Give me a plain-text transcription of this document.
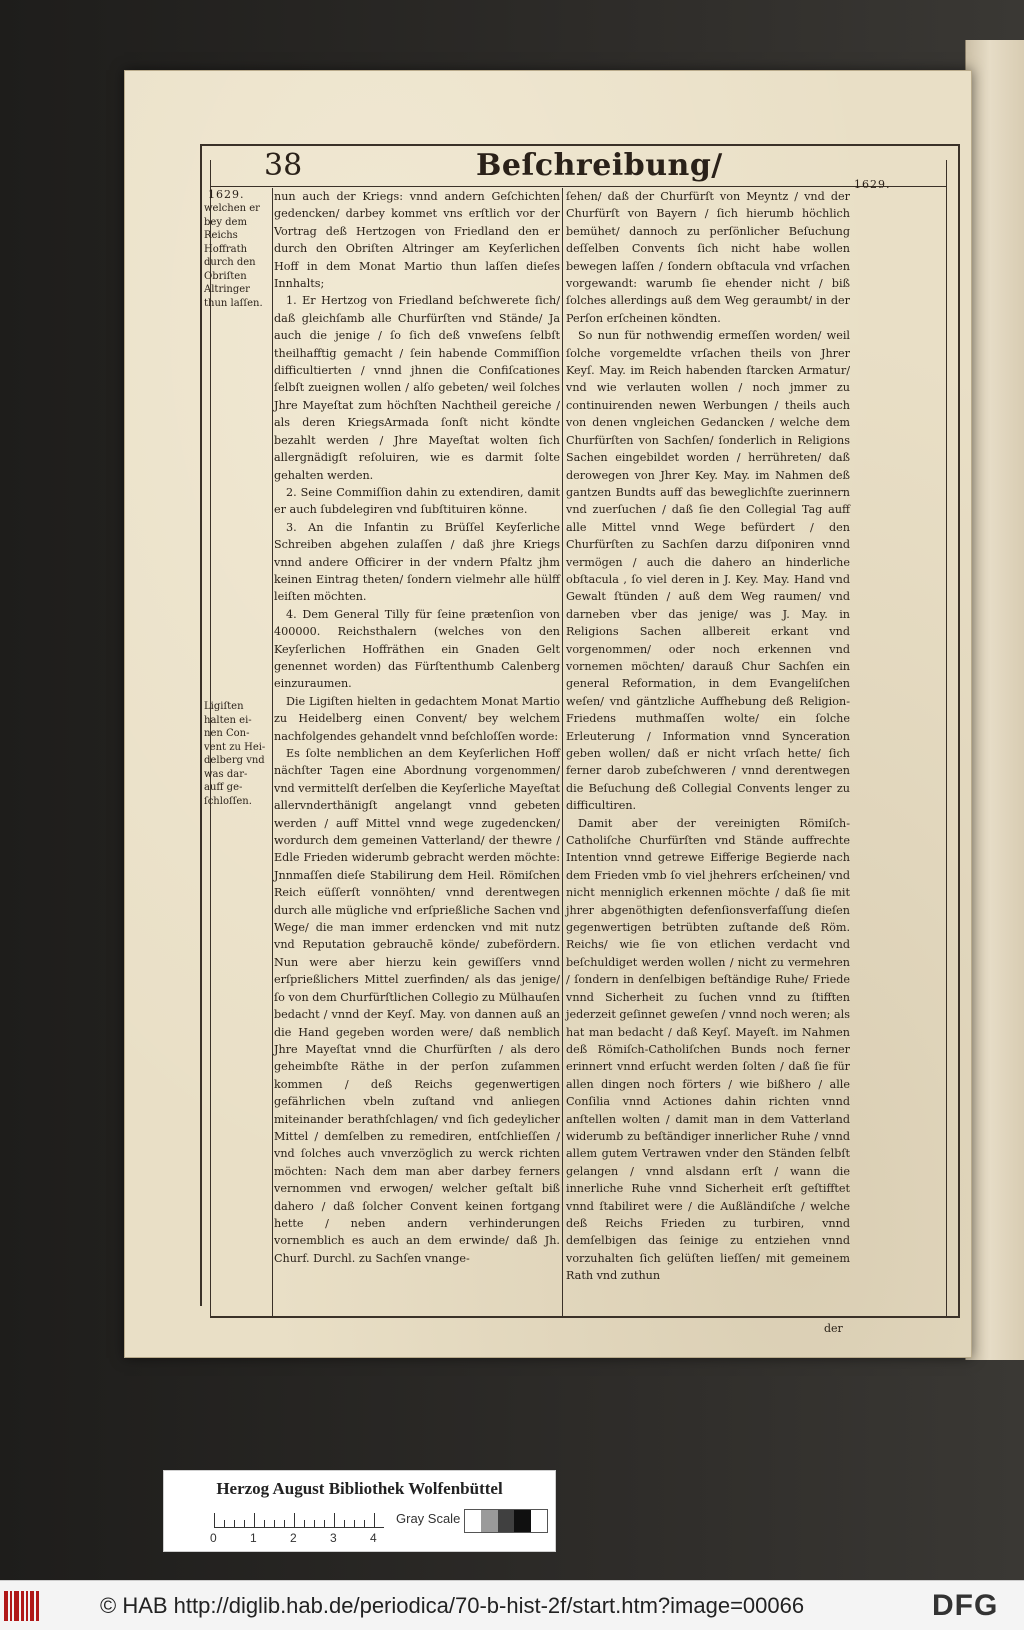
38	Beſchreibung/
1629.
1629.
welchen er
bey dem
Reichs
Hoffrath
durch den
Obriſten
Altringer
thun laſſen.
Ligiſten
halten ei-
nen Con-
vent zu Hei-
delberg vnd
was dar-
auff ge-
ſchloſſen.

nun auch der Kriegs: vnnd andern Geſchichten gedencken/ darbey kommet vns erſtlich vor der Vortrag deß Hertzogen von Friedland den er durch den Obriſten Altringer am Keyſerlichen Hoff in dem Monat Martio thun laſſen dieſes Innhalts;

1. Er Hertzog von Friedland beſchwerete ſich/ daß gleichſamb alle Churfürſten vnd Stände/ Ja auch die jenige / ſo ſich deß vnweſens ſelbſt theilhafftig gemacht / ſein habende Commiſſion difficultierten / vnnd jhnen die Confiſcationes ſelbſt zueignen wollen / alſo gebeten/ weil ſolches Jhre Mayeſtat zum höchſten Nachtheil gereiche / als deren KriegsArmada ſonſt nicht köndte bezahlt werden / Jhre Mayeſtat wolten ſich allergnädigſt reſoluiren, wie es darmit ſolte gehalten werden.

2. Seine Commiſſion dahin zu extendiren, damit er auch ſubdelegiren vnd ſubſtituiren könne.

3. An die Infantin zu Brüſſel Keyſerliche Schreiben abgehen zulaſſen / daß jhre Kriegs vnnd andere Officirer in der vndern Pfaltz jhm keinen Eintrag theten/ ſondern vielmehr alle hülff leiſten möchten.

4. Dem General Tilly für ſeine prætenſion von 400000. Reichsthalern (welches von den Keyſerlichen Hoffräthen ein Gnaden Gelt genennet worden) das Fürſtenthumb Calenberg einzuraumen.

Die Ligiſten hielten in gedachtem Monat Martio zu Heidelberg einen Convent/ bey welchem nachfolgendes gehandelt vnnd beſchloſſen worde:

Es ſolte nemblichen an dem Keyſerlichen Hoff nächſter Tagen eine Abordnung vorgenommen/ vnd vermittelſt derſelben die Keyſerliche Mayeſtat allervnderthänigſt angelangt vnnd gebeten werden / auff Mittel vnnd wege zugedencken/ wordurch dem gemeinen Vatterland/ der thewre / Edle Frieden widerumb gebracht werden möchte: Jnnmaſſen dieſe Stabilirung dem Heil. Römiſchen Reich eüſſerſt vonnöhten/ vnnd derentwegen durch alle mügliche vnd erſprießliche Sachen vnd Wege/ die man immer erdencken vnd mit nutz vnd Reputation gebrauchē könde/ zubefördern. Nun were aber hierzu kein gewiſſers vnnd erſprießlichers Mittel zuerfinden/ als das jenige/ ſo von dem Churfürſtlichen Collegio zu Mülhauſen bedacht / vnnd der Keyſ. May. von dannen auß an die Hand gegeben worden were/ daß nemblich Jhre Mayeſtat vnnd die Churfürſten / als dero geheimbſte Räthe in der perſon zuſammen kommen / deß Reichs gegenwertigen gefährlichen vbeln zuſtand vnd anliegen miteinander berathſchlagen/ vnd ſich gedeylicher Mittel / demſelben zu remediren, entſchlieſſen / vnd ſolches auch vnverzöglich zu werck richten möchten: Nach dem man aber darbey ferners vernommen vnd erwogen/ welcher geſtalt biß dahero / daß ſolcher Convent keinen fortgang hette / neben andern verhinderungen vornemblich es auch an dem erwinde/ daß Jh. Churf. Durchl. zu Sachſen vnange-

ſehen/ daß der Churfürſt von Meyntz / vnd der Churfürſt von Bayern / ſich hierumb höchlich bemühet/ dannoch zu perſönlicher Beſuchung deſſelben Convents ſich nicht habe wollen bewegen laſſen / ſondern obſtacula vnd vrſachen vorgewandt: warumb ſie ehender nicht / biß ſolches allerdings auß dem Weg geraumbt/ in der Perſon erſcheinen köndten.

So nun für nothwendig ermeſſen worden/ weil ſolche vorgemeldte vrſachen theils von Jhrer Keyſ. May. im Reich habenden ſtarcken Armatur/ vnd wie verlauten wollen / noch jmmer zu continuirenden newen Werbungen / theils auch von denen vngleichen Gedancken / welche dem Churfürſten von Sachſen/ ſonderlich in Religions Sachen eingebildet worden / herrühreten/ daß derowegen von Jhrer Key. May. im Nahmen deß gantzen Bundts auff das beweglichſte zuerinnern vnd zuerſuchen / daß ſie den Collegial Tag auff alle Mittel vnnd Wege befürdert / den Churfürſten zu Sachſen darzu diſponiren vnnd vermögen / auch die dahero an hinderliche obſtacula , ſo viel deren in J. Key. May. Hand vnd Gewalt ſtünden / auß dem Weg raumen/ vnd darneben vber das jenige/ was J. May. in Religions Sachen allbereit erkant vnd vorgenommen/ oder noch erkennen vnd vornemen möchten/ darauß Chur Sachſen ein general Reformation, in dem Evangeliſchen weſen/ vnd gäntzliche Auffhebung deß Religion-Friedens muthmaſſen wolte/ ein ſolche Erleuterung / Information vnnd Synceration geben wollen/ daß er nicht vrſach hette/ ſich ferner darob zubeſchweren / vnnd derentwegen die Beſuchung deß Collegial Convents lenger zu difficultiren.

Damit aber der vereinigten Römiſch-Catholiſche Churfürſten vnd Stände auffrechte Intention vnnd getrewe Eifferige Begierde nach dem Frieden vmb ſo viel jhehrers erſcheinen/ vnd nicht menniglich erkennen möchte / daß ſie mit jhrer abgenöthigten defenſionsverfaſſung dieſen gegenwertigen betrübten zuſtande deß Röm. Reichs/ wie ſie von etlichen verdacht vnd beſchuldiget werden wollen / nicht zu vermehren / ſondern in denſelbigen beſtändige Ruhe/ Friede vnnd Sicherheit zu ſuchen vnnd zu ſtifften jederzeit geſinnet geweſen / vnnd noch weren; als hat man bedacht / daß Keyſ. Mayeſt. im Nahmen deß Römiſch-Catholiſchen Bunds noch ferner erinnert vnnd erſucht werden ſolten / daß ſie für allen dingen noch förters / wie bißhero / alle Conſilia vnnd Actiones dahin richten vnnd anſtellen wolten / damit man in dem Vatterland widerumb zu beſtändiger innerlicher Ruhe / vnnd allem gutem Vertrawen vnder den Ständen ſelbſt gelangen / vnnd alsdann erſt / wann die innerliche Ruhe vnnd Sicherheit erſt geſtifftet vnnd ſtabiliret were / die Außländiſche / welche deß Reichs Frieden zu turbiren, vnnd demſelbigen das ſeinige zu entziehen vnnd vorzuhalten ſich gelüſten lieſſen/ mit gemeinem Rath vnd zuthun

der
Herzog August Bibliothek Wolfenbüttel
0	1	2	3	4
Gray Scale
© HAB http://diglib.hab.de/periodica/70-b-hist-2f/start.htm?image=00066	DFG
